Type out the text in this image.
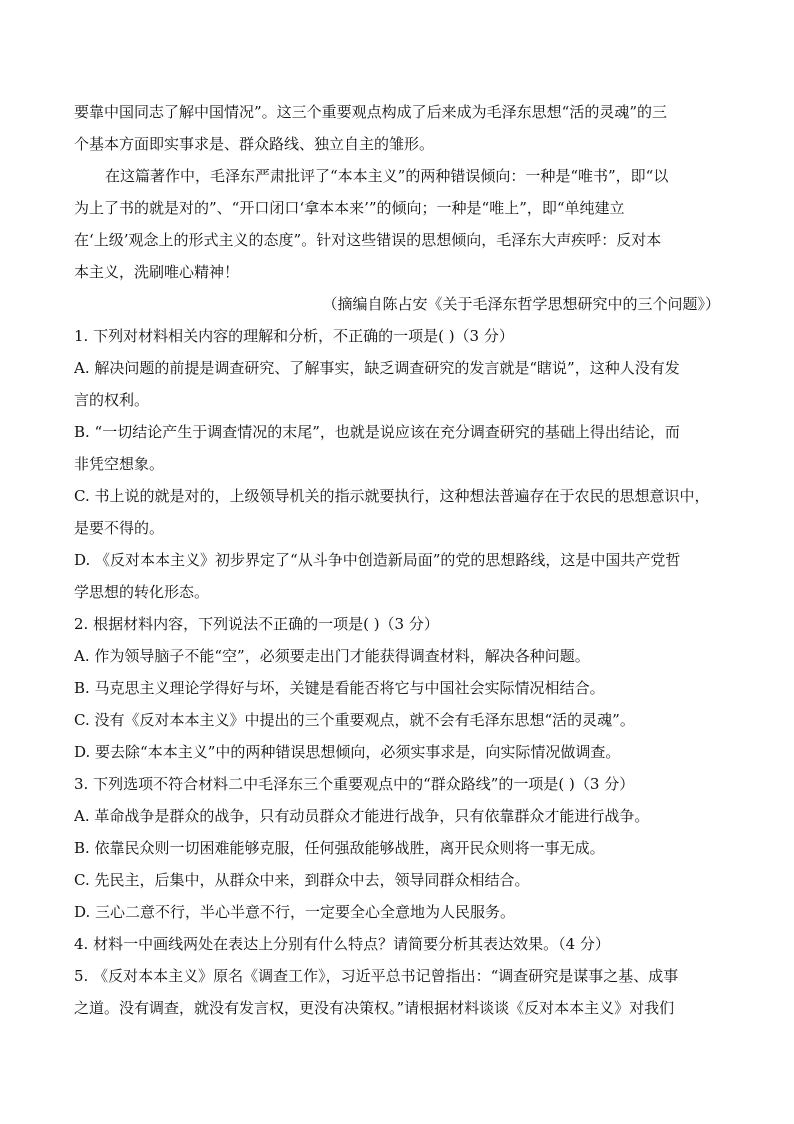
要靠中国同志了解中国情况”。这三个重要观点构成了后来成为毛泽东思想“活的灵魂”的三
个基本方面即实事求是、群众路线、独立自主的雏形。
在这篇著作中，毛泽东严肃批评了“本本主义”的两种错误倾向：一种是“唯书”，即“以
为上了书的就是对的”、“开口闭口‘拿本本来’”的倾向；一种是“唯上”，即“单纯建立
在‘上级’观念上的形式主义的态度”。针对这些错误的思想倾向，毛泽东大声疾呼：反对本
本主义，洗刷唯心精神！
（摘编自陈占安《关于毛泽东哲学思想研究中的三个问题》）
1. 下列对材料相关内容的理解和分析，不正确的一项是( )（3 分）
A. 解决问题的前提是调查研究、了解事实，缺乏调查研究的发言就是“瞎说”，这种人没有发
言的权利。
B. “一切结论产生于调查情况的末尾”，也就是说应该在充分调查研究的基础上得出结论，而
非凭空想象。
C. 书上说的就是对的，上级领导机关的指示就要执行，这种想法普遍存在于农民的思想意识中，
是要不得的。
D. 《反对本本主义》初步界定了“从斗争中创造新局面”的党的思想路线，这是中国共产党哲
学思想的转化形态。
2. 根据材料内容，下列说法不正确的一项是( )（3 分）
A. 作为领导脑子不能“空”，必须要走出门才能获得调查材料，解决各种问题。
B. 马克思主义理论学得好与坏，关键是看能否将它与中国社会实际情况相结合。
C. 没有《反对本本主义》中提出的三个重要观点，就不会有毛泽东思想“活的灵魂”。
D. 要去除“本本主义”中的两种错误思想倾向，必须实事求是，向实际情况做调查。
3. 下列选项不符合材料二中毛泽东三个重要观点中的“群众路线”的一项是( )（3 分）
A. 革命战争是群众的战争，只有动员群众才能进行战争，只有依靠群众才能进行战争。
B. 依靠民众则一切困难能够克服，任何强敌能够战胜，离开民众则将一事无成。
C. 先民主，后集中，从群众中来，到群众中去，领导同群众相结合。
D. 三心二意不行，半心半意不行，一定要全心全意地为人民服务。
4. 材料一中画线两处在表达上分别有什么特点？请简要分析其表达效果。（4 分）
5. 《反对本本主义》原名《调查工作》，习近平总书记曾指出：“调查研究是谋事之基、成事
之道。没有调查，就没有发言权，更没有决策权。”请根据材料谈谈《反对本本主义》对我们
